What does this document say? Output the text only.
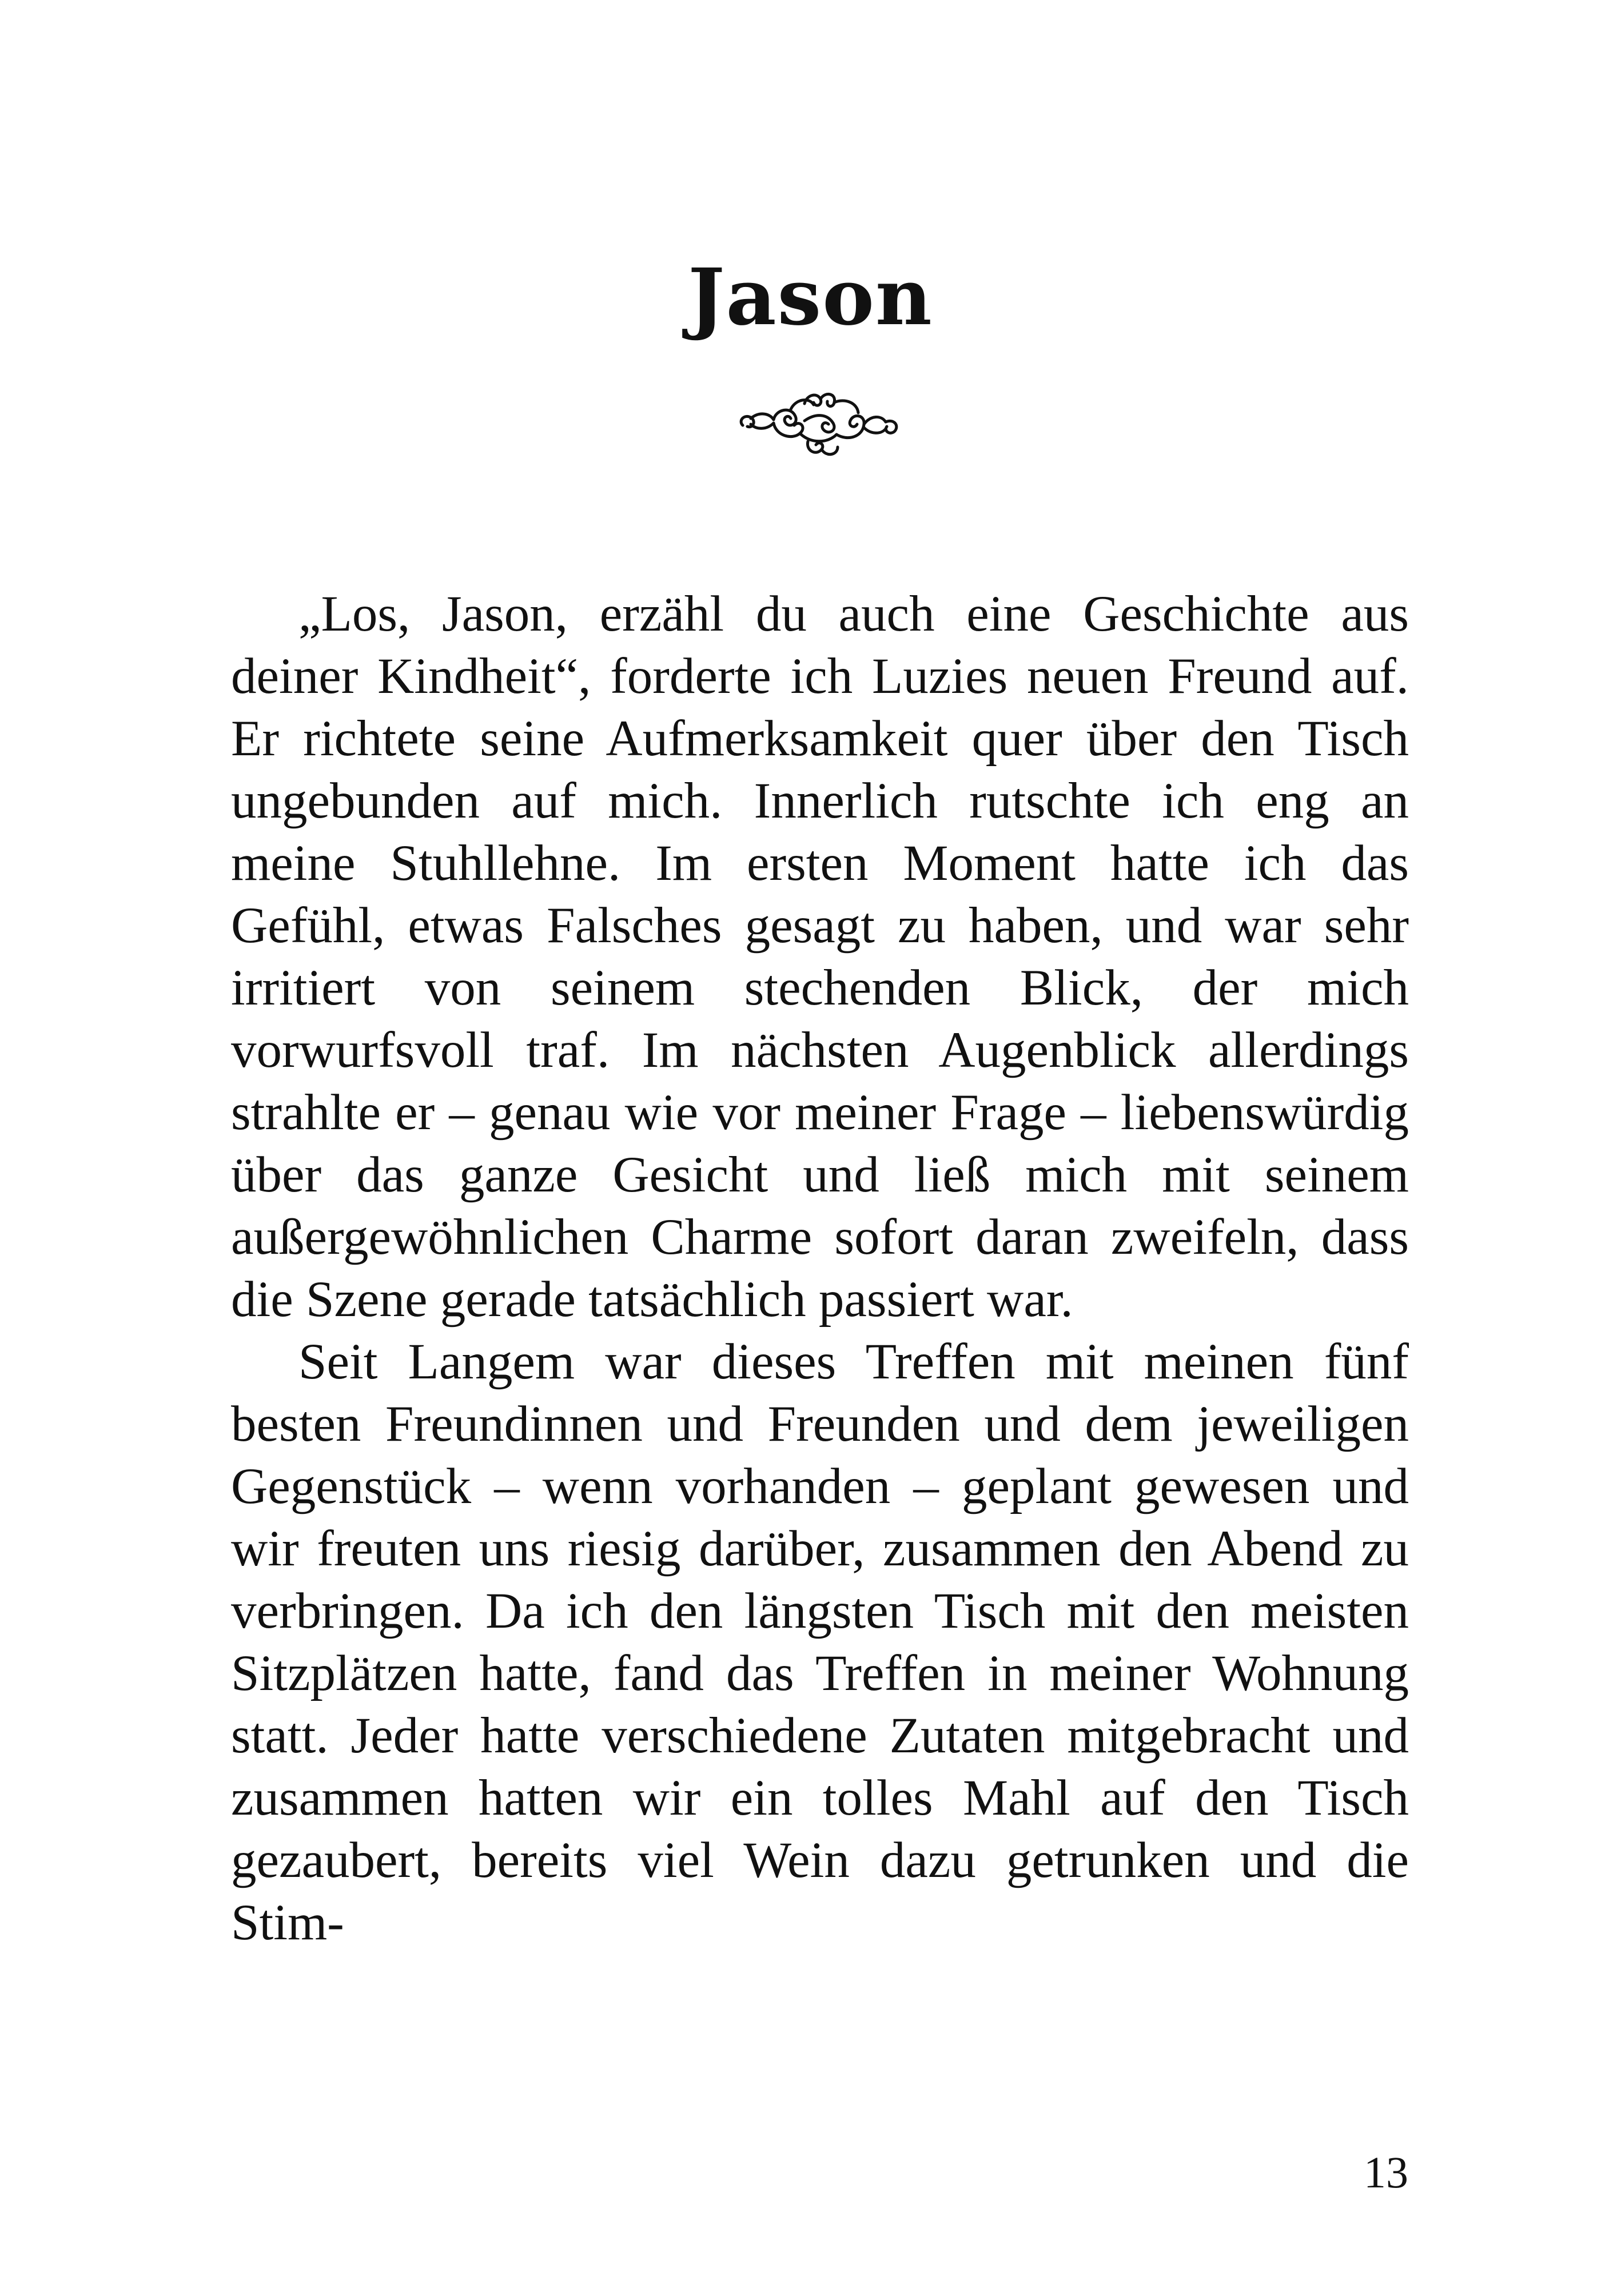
Jason

„Los, Jason, erzähl du auch eine Geschichte aus deiner Kindheit“, forderte ich Luzies neuen Freund auf. Er richtete seine Aufmerksamkeit quer über den Tisch ungebunden auf mich. Innerlich rutschte ich eng an meine Stuhllehne. Im ersten Moment hatte ich das Gefühl, etwas Falsches gesagt zu haben, und war sehr irritiert von seinem stechenden Blick, der mich vorwurfsvoll traf. Im nächsten Augenblick allerdings strahlte er – genau wie vor meiner Frage – liebenswürdig über das ganze Gesicht und ließ mich mit seinem außergewöhnlichen Charme sofort daran zweifeln, dass die Szene gerade tatsächlich passiert war.

Seit Langem war dieses Treffen mit meinen fünf besten Freundinnen und Freunden und dem jeweiligen Gegenstück – wenn vorhanden – geplant gewesen und wir freuten uns riesig darüber, zusammen den Abend zu verbringen. Da ich den längsten Tisch mit den meisten Sitzplätzen hatte, fand das Treffen in meiner Wohnung statt. Jeder hatte verschiedene Zutaten mitgebracht und zusammen hatten wir ein tolles Mahl auf den Tisch gezaubert, bereits viel Wein dazu getrunken und die Stim-

13
